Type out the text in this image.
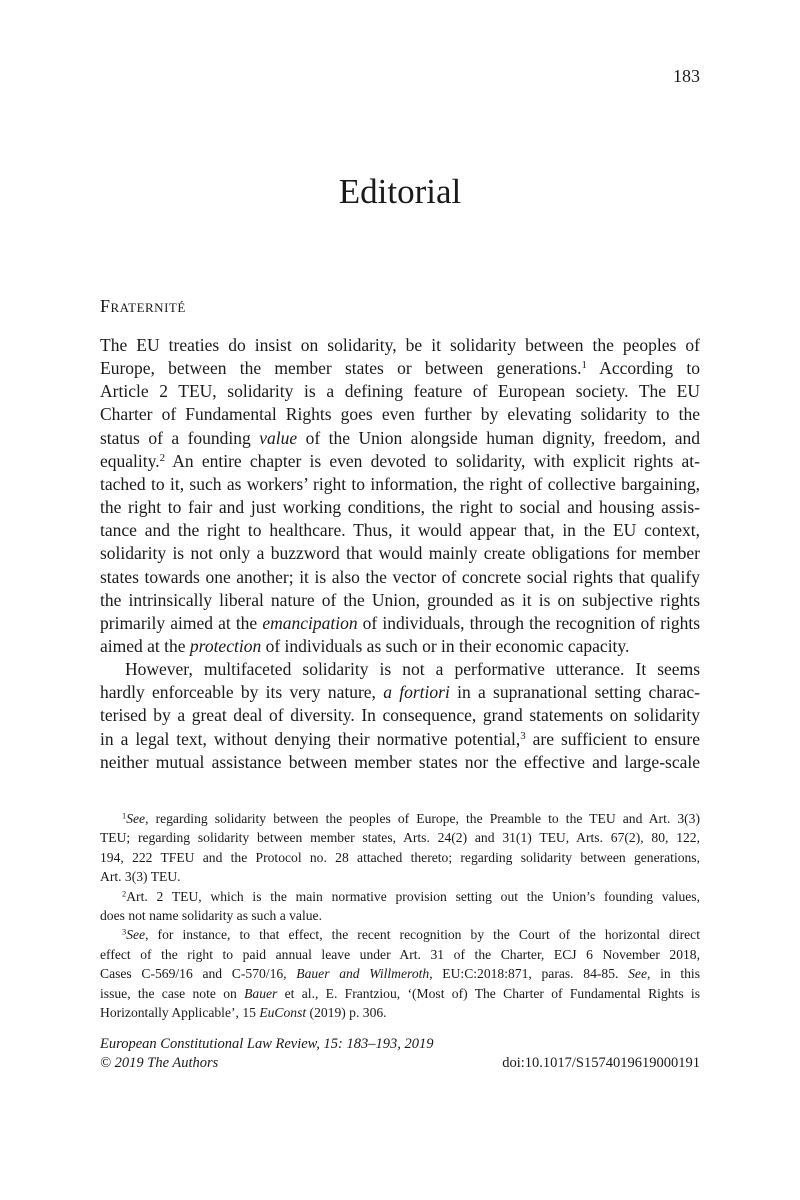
183
Editorial
Fraternité
The EU treaties do insist on solidarity, be it solidarity between the peoples of
Europe, between the member states or between generations.$^1$ According to
Article 2 TEU, solidarity is a defining feature of European society. The EU
Charter of Fundamental Rights goes even further by elevating solidarity to the
status of a founding value of the Union alongside human dignity, freedom, and
equality.$^2$ An entire chapter is even devoted to solidarity, with explicit rights at-
tached to it, such as workers’ right to information, the right of collective bargaining,
the right to fair and just working conditions, the right to social and housing assis-
tance and the right to healthcare. Thus, it would appear that, in the EU context,
solidarity is not only a buzzword that would mainly create obligations for member
states towards one another; it is also the vector of concrete social rights that qualify
the intrinsically liberal nature of the Union, grounded as it is on subjective rights
primarily aimed at the emancipation of individuals, through the recognition of rights
aimed at the protection of individuals as such or in their economic capacity.
However, multifaceted solidarity is not a performative utterance. It seems
hardly enforceable by its very nature, a fortiori in a supranational setting charac-
terised by a great deal of diversity. In consequence, grand statements on solidarity
in a legal text, without denying their normative potential,$^3$ are sufficient to ensure
neither mutual assistance between member states nor the effective and large-scale
$^1$See, regarding solidarity between the peoples of Europe, the Preamble to the TEU and Art. 3(3)
TEU; regarding solidarity between member states, Arts. 24(2) and 31(1) TEU, Arts. 67(2), 80, 122,
194, 222 TFEU and the Protocol no. 28 attached thereto; regarding solidarity between generations,
Art. 3(3) TEU.
$^2$Art. 2 TEU, which is the main normative provision setting out the Union’s founding values,
does not name solidarity as such a value.
$^3$See, for instance, to that effect, the recent recognition by the Court of the horizontal direct
effect of the right to paid annual leave under Art. 31 of the Charter, ECJ 6 November 2018,
Cases C-569/16 and C-570/16, Bauer and Willmeroth, EU:C:2018:871, paras. 84-85. See, in this
issue, the case note on Bauer et al., E. Frantziou, ‘(Most of) The Charter of Fundamental Rights is
Horizontally Applicable’, 15 EuConst (2019) p. 306.
European Constitutional Law Review, 15: 183–193, 2019
© 2019 The Authors	doi:10.1017/S1574019619000191
